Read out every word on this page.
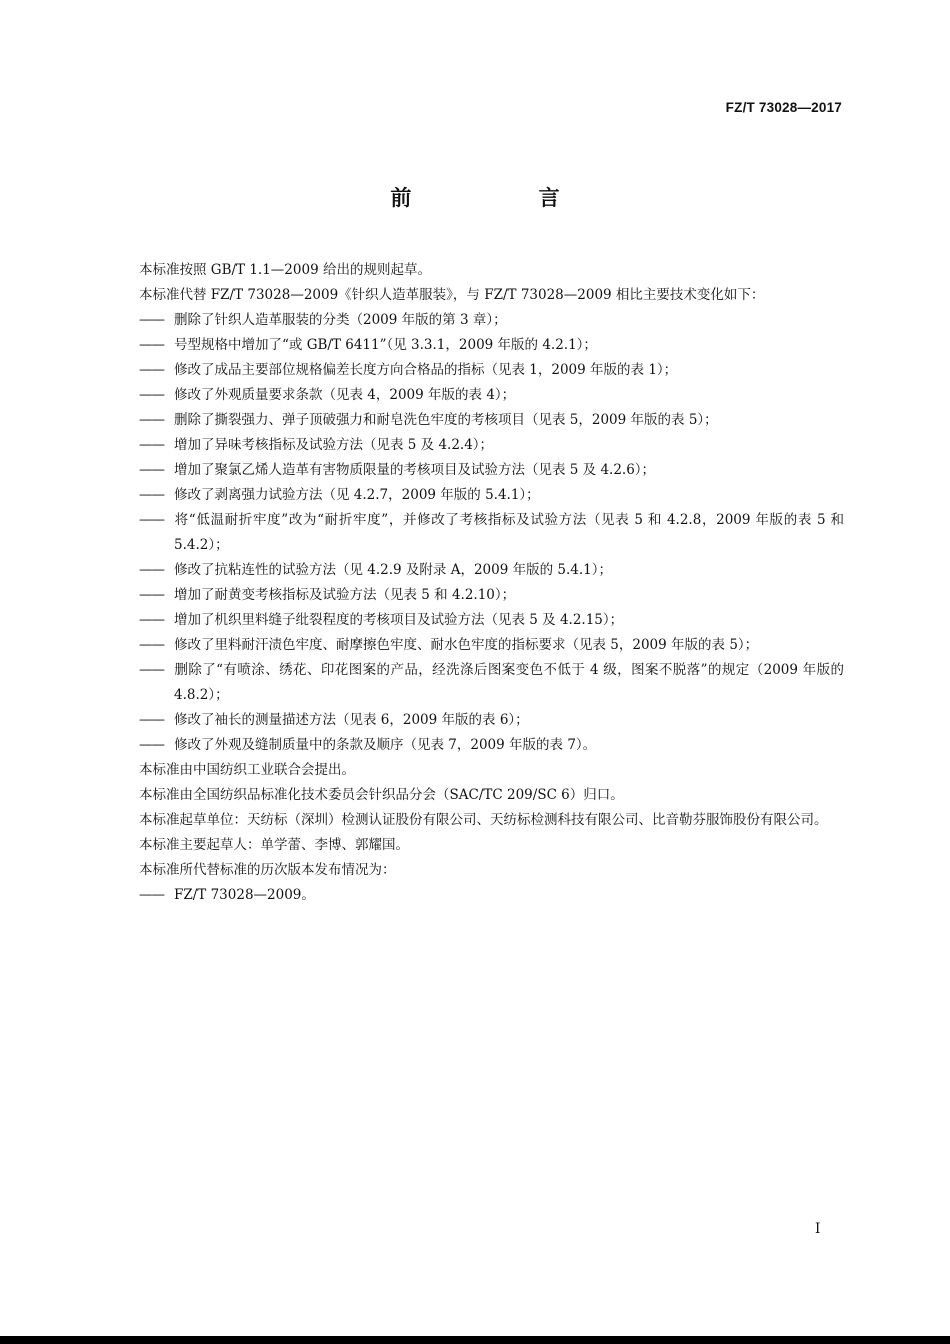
FZ/T 73028—2017
前 言

本标准按照 GB/T 1.1—2009 给出的规则起草。

本标准代替 FZ/T 73028—2009《针织人造革服装》，与 FZ/T 73028—2009 相比主要技术变化如下：

—— 删除了针织人造革服装的分类（2009 年版的第 3 章）；

—— 号型规格中增加了“或 GB/T 6411”（见 3.3.1，2009 年版的 4.2.1）；

—— 修改了成品主要部位规格偏差长度方向合格品的指标（见表 1，2009 年版的表 1）；

—— 修改了外观质量要求条款（见表 4，2009 年版的表 4）；

—— 删除了撕裂强力、弹子顶破强力和耐皂洗色牢度的考核项目（见表 5，2009 年版的表 5）；

—— 增加了异味考核指标及试验方法（见表 5 及 4.2.4）；

—— 增加了聚氯乙烯人造革有害物质限量的考核项目及试验方法（见表 5 及 4.2.6）；

—— 修改了剥离强力试验方法（见 4.2.7，2009 年版的 5.4.1）；

—— 将“低温耐折牢度”改为“耐折牢度”，并修改了考核指标及试验方法（见表 5 和 4.2.8，2009 年版的表 5 和 5.4.2）；

—— 修改了抗粘连性的试验方法（见 4.2.9 及附录 A，2009 年版的 5.4.1）；

—— 增加了耐黄变考核指标及试验方法（见表 5 和 4.2.10）；

—— 增加了机织里料缝子纰裂程度的考核项目及试验方法（见表 5 及 4.2.15）；

—— 修改了里料耐汗渍色牢度、耐摩擦色牢度、耐水色牢度的指标要求（见表 5，2009 年版的表 5）；

—— 删除了“有喷涂、绣花、印花图案的产品，经洗涤后图案变色不低于 4 级，图案不脱落”的规定（2009 年版的 4.8.2）；

—— 修改了袖长的测量描述方法（见表 6，2009 年版的表 6）；

—— 修改了外观及缝制质量中的条款及顺序（见表 7，2009 年版的表 7）。

本标准由中国纺织工业联合会提出。

本标准由全国纺织品标准化技术委员会针织品分会（SAC/TC 209/SC 6）归口。

本标准起草单位：天纺标（深圳）检测认证股份有限公司、天纺标检测科技有限公司、比音勒芬服饰股份有限公司。

本标准主要起草人：单学蕾、李博、郭耀国。

本标准所代替标准的历次版本发布情况为：

—— FZ/T 73028—2009。

I
